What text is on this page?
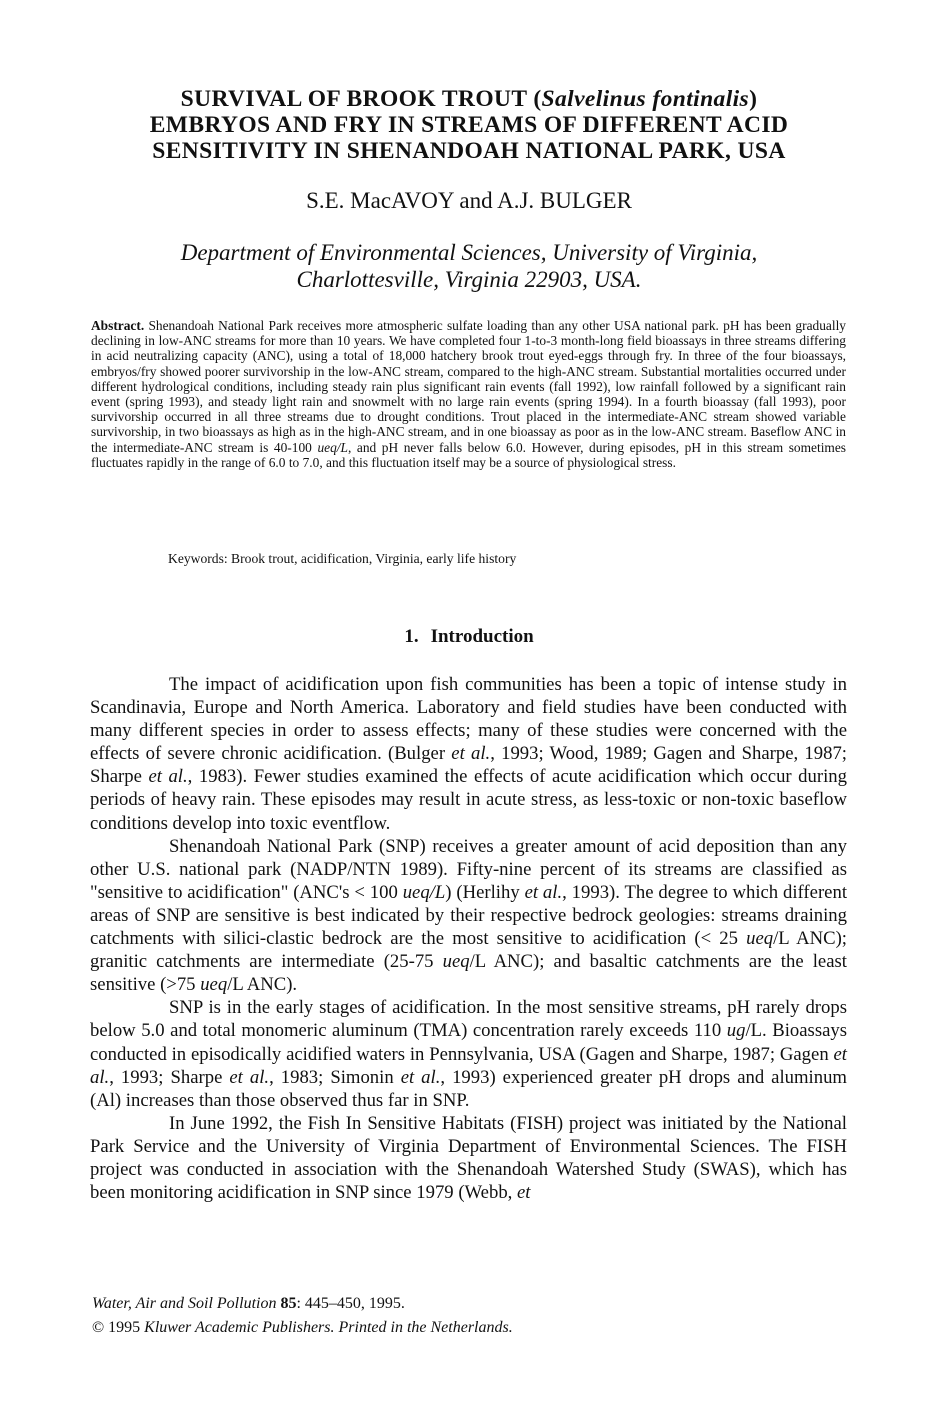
SURVIVAL OF BROOK TROUT (Salvelinus fontinalis)
EMBRYOS AND FRY IN STREAMS OF DIFFERENT ACID
SENSITIVITY IN SHENANDOAH NATIONAL PARK, USA
S.E. MacAVOY and A.J. BULGER
Department of Environmental Sciences, University of Virginia,
Charlottesville, Virginia 22903, USA.
Abstract. Shenandoah National Park receives more atmospheric sulfate loading than any other USA national park. pH has been gradually declining in low-ANC streams for more than 10 years. We have completed four 1-to-3 month-long field bioassays in three streams differing in acid neutralizing capacity (ANC), using a total of 18,000 hatchery brook trout eyed-eggs through fry. In three of the four bioassays, embryos/fry showed poorer survivorship in the low-ANC stream, compared to the high-ANC stream. Substantial mortalities occurred under different hydrological conditions, including steady rain plus significant rain events (fall 1992), low rainfall followed by a significant rain event (spring 1993), and steady light rain and snowmelt with no large rain events (spring 1994). In a fourth bioassay (fall 1993), poor survivorship occurred in all three streams due to drought conditions. Trout placed in the intermediate-ANC stream showed variable survivorship, in two bioassays as high as in the high-ANC stream, and in one bioassay as poor as in the low-ANC stream. Baseflow ANC in the intermediate-ANC stream is 40-100 ueq/L, and pH never falls below 6.0. However, during episodes, pH in this stream sometimes fluctuates rapidly in the range of 6.0 to 7.0, and this fluctuation itself may be a source of physiological stress.
Keywords: Brook trout, acidification, Virginia, early life history
1. Introduction

The impact of acidification upon fish communities has been a topic of intense study in Scandinavia, Europe and North America. Laboratory and field studies have been conducted with many different species in order to assess effects; many of these studies were concerned with the effects of severe chronic acidification. (Bulger et al., 1993; Wood, 1989; Gagen and Sharpe, 1987; Sharpe et al., 1983). Fewer studies examined the effects of acute acidification which occur during periods of heavy rain. These episodes may result in acute stress, as less-toxic or non-toxic baseflow conditions develop into toxic eventflow.

Shenandoah National Park (SNP) receives a greater amount of acid deposition than any other U.S. national park (NADP/NTN 1989). Fifty-nine percent of its streams are classified as "sensitive to acidification" (ANC's < 100 ueq/L) (Herlihy et al., 1993). The degree to which different areas of SNP are sensitive is best indicated by their respective bedrock geologies: streams draining catchments with silici-clastic bedrock are the most sensitive to acidification (< 25 ueq/L ANC); granitic catchments are intermediate (25-75 ueq/L ANC); and basaltic catchments are the least sensitive (>75 ueq/L ANC).

SNP is in the early stages of acidification. In the most sensitive streams, pH rarely drops below 5.0 and total monomeric aluminum (TMA) concentration rarely exceeds 110 ug/L. Bioassays conducted in episodically acidified waters in Pennsylvania, USA (Gagen and Sharpe, 1987; Gagen et al., 1993; Sharpe et al., 1983; Simonin et al., 1993) experienced greater pH drops and aluminum (Al) increases than those observed thus far in SNP.

In June 1992, the Fish In Sensitive Habitats (FISH) project was initiated by the National Park Service and the University of Virginia Department of Environmental Sciences. The FISH project was conducted in association with the Shenandoah Watershed Study (SWAS), which has been monitoring acidification in SNP since 1979 (Webb, et

Water, Air and Soil Pollution 85: 445–450, 1995.
© 1995 Kluwer Academic Publishers. Printed in the Netherlands.
